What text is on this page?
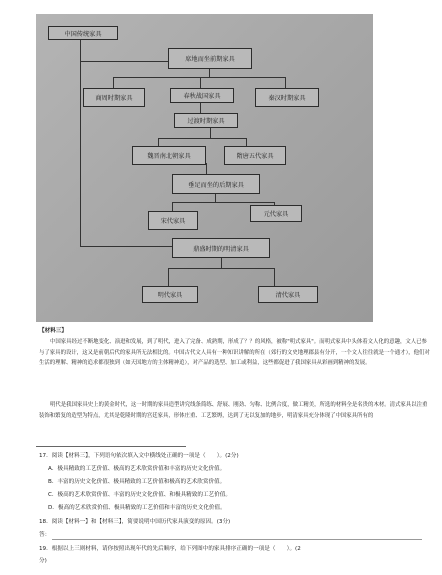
中国传统家具
席地而坐前期家具
商周时期家具	春秋战国家具	秦汉时期家具
过渡时期家具
魏晋南北朝家具	隋唐五代家具
垂足而坐的后期家具
宋代家具
元代家具
鼎盛时期的明清家具
明代家具	清代家具
【材料三】
中国家具经过不断地变化、演进和发展，到了明代，进入了完备、成熟期，形成了？？的风格，被称"明式家具"。而明式家具中头体着文人化的意趣，文人已参与了家具的设计，这又是前朝后代的家具所无法相比的。中国古代文人具有一种知识讲解的所在（郊行的文史地理郡县有分开，一个文人往往就是一个通才），他们对生活的理解、精神的追求都很独到（如天国地方的主体精神追），对产品的选型、加工或利益，这些都促进了我国家具从彩画到精神的发展。
明代是我国家具史上的黄金时代，这一时期的家具造型讲究线条简练、舒展、刚劲、匀称、比例合度，做工精美，所选的材料全是名贵的木材。清式家具以注重装饰和繁复的造型为特点，尤其是乾隆时期的宫廷家具，形体庄重、工艺繁缛，达到了无以复加的地步，明清家具充分体现了中国家具所有的
17．阅读【材料三】，下列语句依次填入文中横线处正确的一项是（　　）。(2分)
A．极具精致的工艺价值、极高的艺术欣赏价值和丰富的历史文化价值。
B．丰富的历史文化价值、极具精致的工艺价值和极高的艺术欣赏价值。
C．极高的艺术欣赏价值、丰富的历史文化价值、和极具精致的工艺价值。
D．极高的艺术欣赏价值、极具精致的工艺价值和丰富的历史文化价值。
18．阅读【材料一】和【材料三】，简要说明中国历代家具演变的原因。(3分)
答：
19．根据以上三则材料，请你按照出现年代的先后顺序，给下列图中的家具排序正确的一项是（　　）。(2
分)
